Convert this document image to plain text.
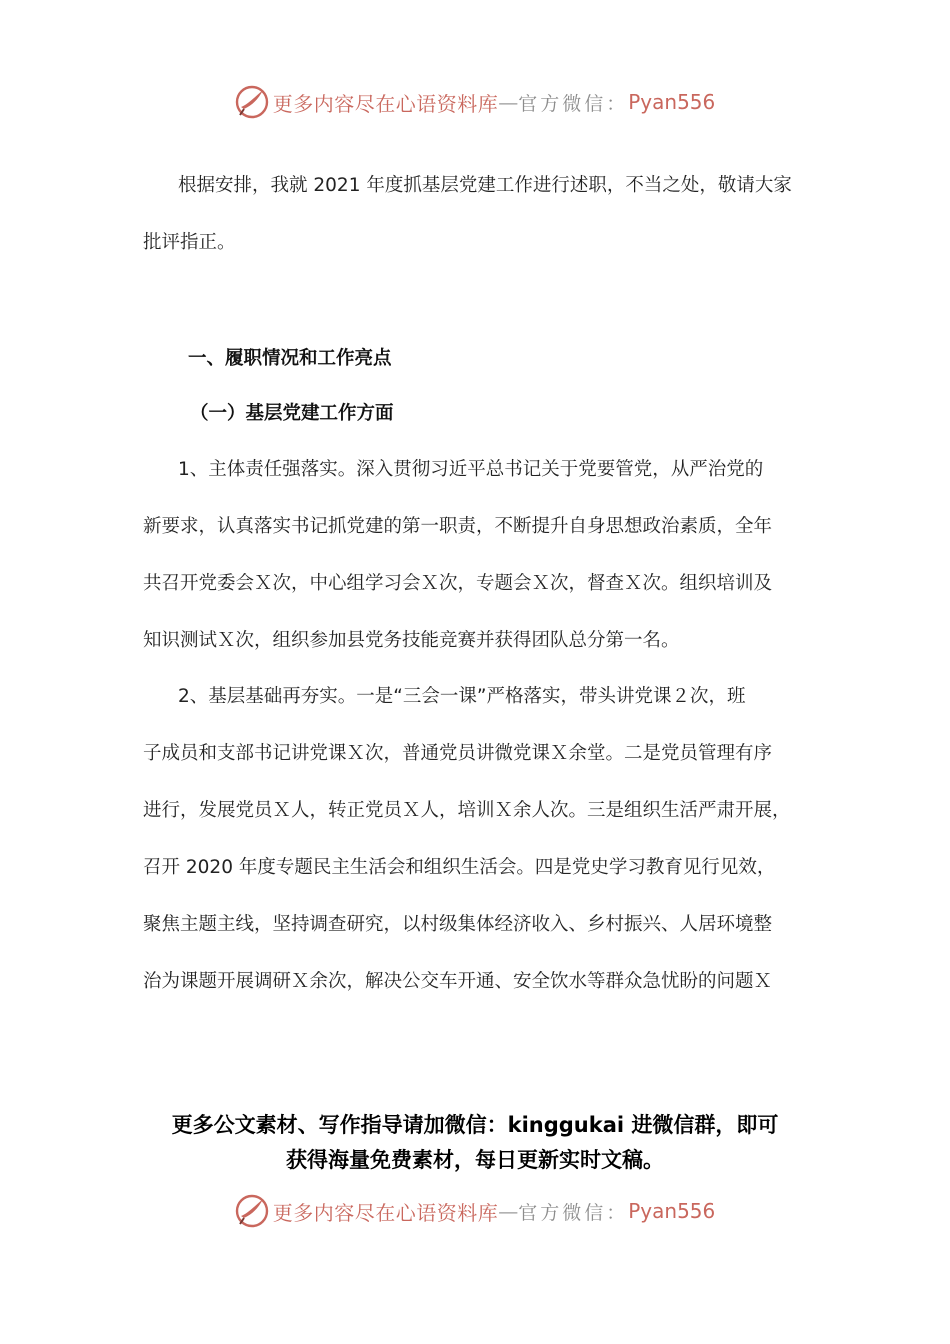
更多内容尽在心语资料库 — 官方微信： Pyan556
根据安排，我就 2021 年度抓基层党建工作进行述职，不当之处，敬请大家
批评指正。
一、履职情况和工作亮点
（一）基层党建工作方面
1、主体责任强落实。深入贯彻习近平总书记关于党要管党，从严治党的
新要求，认真落实书记抓党建的第一职责，不断提升自身思想政治素质，全年
共召开党委会Ｘ次，中心组学习会Ｘ次，专题会Ｘ次，督查Ｘ次。组织培训及
知识测试Ｘ次，组织参加县党务技能竞赛并获得团队总分第一名。
2、基层基础再夯实。一是“三会一课”严格落实，带头讲党课２次，班
子成员和支部书记讲党课Ｘ次，普通党员讲微党课Ｘ余堂。二是党员管理有序
进行，发展党员Ｘ人，转正党员Ｘ人，培训Ｘ余人次。三是组织生活严肃开展，
召开 2020 年度专题民主生活会和组织生活会。四是党史学习教育见行见效，
聚焦主题主线，坚持调查研究，以村级集体经济收入、乡村振兴、人居环境整
治为课题开展调研Ｘ余次，解决公交车开通、安全饮水等群众急忧盼的问题Ｘ
更多公文素材、写作指导请加微信：kinggukai 进微信群，即可
获得海量免费素材，每日更新实时文稿。
更多内容尽在心语资料库 — 官方微信： Pyan556
